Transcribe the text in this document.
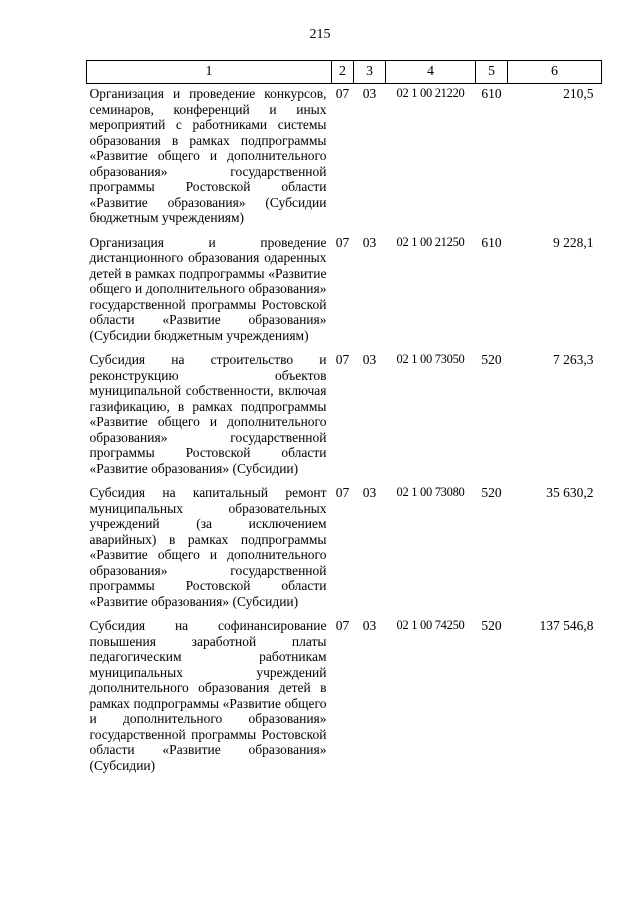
215
1	2	3	4	5	6
Организация и проведение конкурсов, семинаров, конференций и иных мероприятий с работниками системы образования в рамках подпрограммы «Развитие общего и дополнительного образования» государственной программы Ростовской области «Развитие образования» (Субсидии бюджетным учреждениям)	07	03	02 1 00 21220	610	210,5
Организация и проведение дистанционного образования одаренных детей в рамках подпрограммы «Развитие общего и дополнительного образования» государственной программы Ростовской области «Развитие образования» (Субсидии бюджетным учреждениям)	07	03	02 1 00 21250	610	9 228,1
Субсидия на строительство и реконструкцию объектов муниципальной собственности, включая газификацию, в рамках подпрограммы «Развитие общего и дополнительного образования» государственной программы Ростовской области «Развитие образования» (Субсидии)	07	03	02 1 00 73050	520	7 263,3
Субсидия на капитальный ремонт муниципальных образовательных учреждений (за исключением аварийных) в рамках подпрограммы «Развитие общего и дополнительного образования» государственной программы Ростовской области «Развитие образования» (Субсидии)	07	03	02 1 00 73080	520	35 630,2
Субсидия на софинансирование повышения заработной платы педагогическим работникам муниципальных учреждений дополнительного образования детей в рамках подпрограммы «Развитие общего и дополнительного образования» государственной программы Ростовской области «Развитие образования» (Субсидии)	07	03	02 1 00 74250	520	137 546,8
